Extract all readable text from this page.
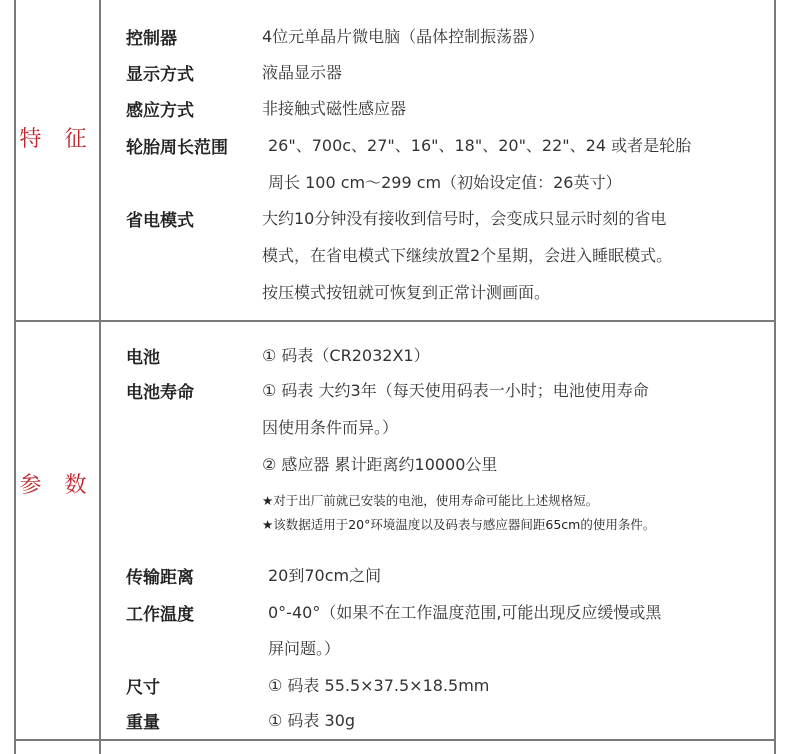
特 征
控制器	4位元单晶片微电脑（晶体控制振荡器）
显示方式	液晶显示器
感应方式	非接触式磁性感应器
轮胎周长范围	26"、700c、27"、16"、18"、20"、22"、24 或者是轮胎
周长 100 cm～299 cm（初始设定值：26英寸）
省电模式	大约10分钟没有接收到信号时，会变成只显示时刻的省电
模式，在省电模式下继续放置2个星期，会进入睡眠模式。
按压模式按钮就可恢复到正常计测画面。
参 数
电池	① 码表（CR2032X1）
电池寿命	① 码表 大约3年（每天使用码表一小时；电池使用寿命
因使用条件而异。）
② 感应器 累计距离约10000公里
★对于出厂前就已安装的电池，使用寿命可能比上述规格短。
★该数据适用于20°环境温度以及码表与感应器间距65cm的使用条件。
传输距离	20到70cm之间
工作温度	0°-40°（如果不在工作温度范围,可能出现反应缓慢或黑
屏问题。）
尺寸	① 码表 55.5×37.5×18.5mm
重量	① 码表 30g
